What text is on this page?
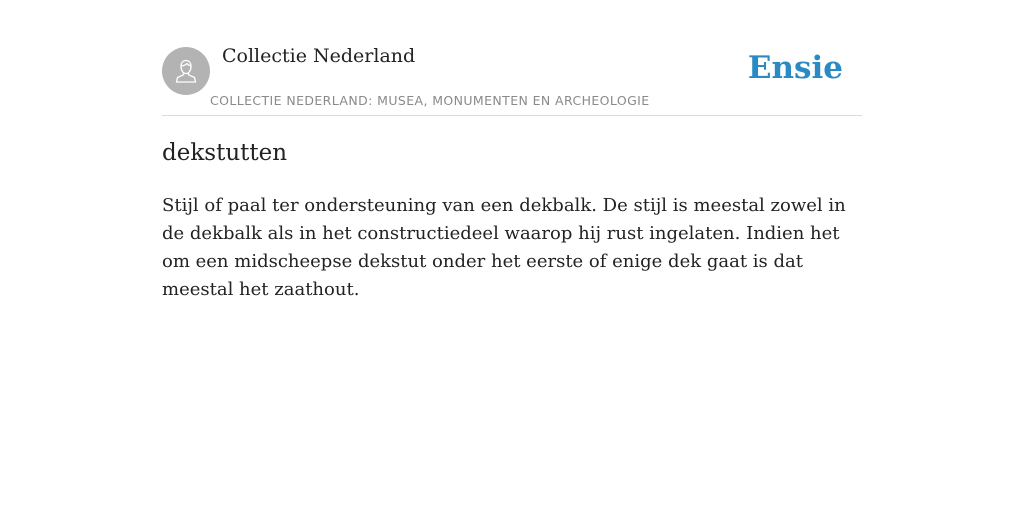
Collectie Nederland
COLLECTIE NEDERLAND: MUSEA, MONUMENTEN EN ARCHEOLOGIE
Ensie
dekstutten

Stijl of paal ter ondersteuning van een dekbalk. De stijl is meestal zowel in de dekbalk als in het constructiedeel waarop hij rust ingelaten. Indien het om een midscheepse dekstut onder het eerste of enige dek gaat is dat meestal het zaathout.
